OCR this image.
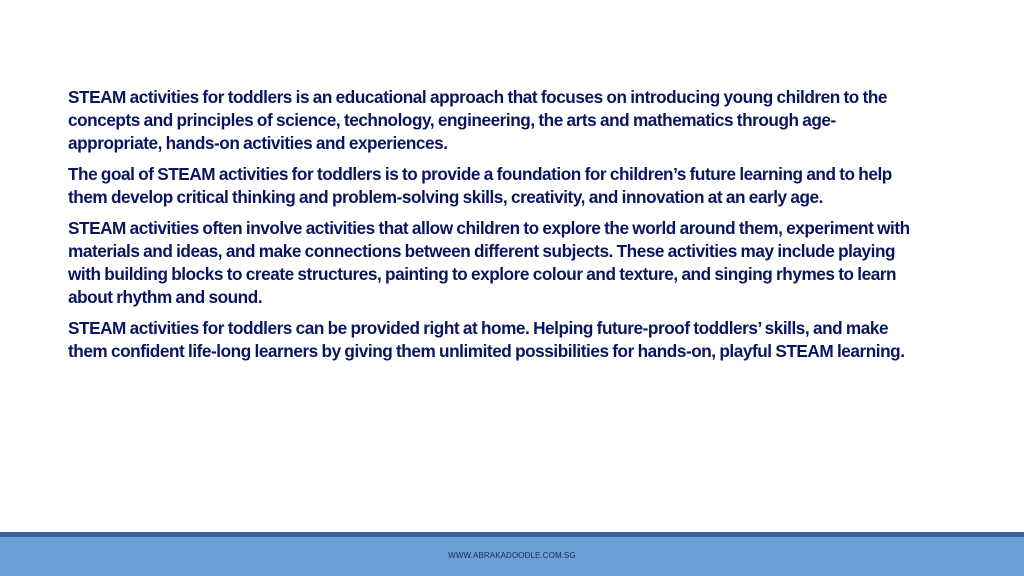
STEAM activities for toddlers is an educational approach that focuses on introducing young children to the concepts and principles of science, technology, engineering, the arts and mathematics through age-appropriate, hands-on activities and experiences.

The goal of STEAM activities for toddlers is to provide a foundation for children’s future learning and to help them develop critical thinking and problem-solving skills, creativity, and innovation at an early age.

STEAM activities often involve activities that allow children to explore the world around them, experiment with materials and ideas, and make connections between different subjects. These activities may include playing with building blocks to create structures, painting to explore colour and texture, and singing rhymes to learn about rhythm and sound.

STEAM activities for toddlers can be provided right at home. Helping future-proof toddlers’ skills, and make them confident life-long learners by giving them unlimited possibilities for hands-on, playful STEAM learning.

WWW.ABRAKADOODLE.COM.SG
